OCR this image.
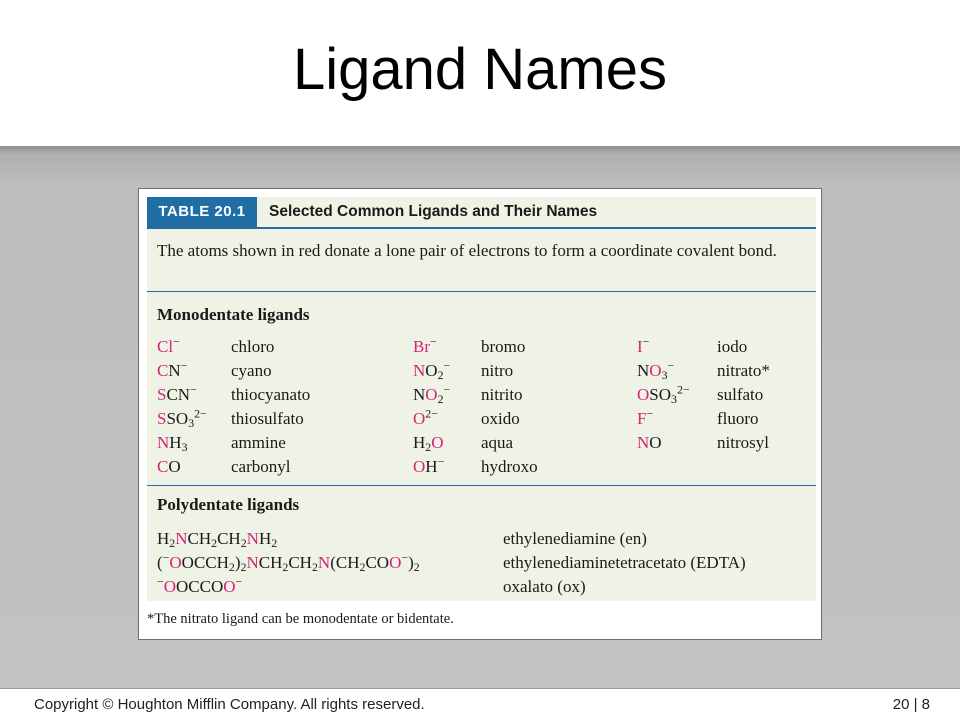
Ligand Names
TABLE 20.1	Selected Common Ligands and Their Names
The atoms shown in red donate a lone pair of electrons to form a coordinate covalent bond.
Monodentate ligands
Cl−	chloro	Br−	bromo	I−	iodo
CN−	cyano	$NO_2^-$ nitro	$NO_3^-$	nitrato*
SCN− thiocyanato	$NO_2^-$ nitrito	$OSO_3^{2-}$ sulfato
$SSO_3^{2-}$ thiosulfato	$O^{2-}$	oxido	F−	fluoro
$NH_3$	ammine	$H_2O$ aqua	NO	nitrosyl
CO	carbonyl	OH− hydroxo
Polydentate ligands
$H_2NCH_2CH_2NH_2$	ethylenediamine (en)
$(^-OOCCH_2)_2NCH_2CH_2N(CH_2COO^-)_2$	ethylenediaminetetracetato (EDTA)
−OOCCOO−	oxalato (ox)
*The nitrato ligand can be monodentate or bidentate.
Copyright © Houghton Mifflin Company. All rights reserved.	20 | 8
